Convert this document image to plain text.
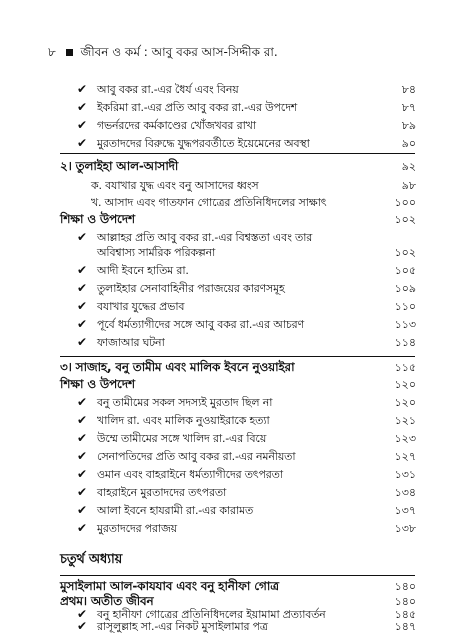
৮ জীবন ও কর্ম : আবু বকর আস-সিদ্দীক রা.
✔ আবু বকর রা.-এর ধৈর্য এবং বিনয়	৮৪
✔ ইকরিমা রা.-এর প্রতি আবু বকর রা.-এর উপদেশ	৮৭
✔ গভর্নরদের কর্মকাণ্ডের খোঁজখবর রাখা	৮৯
✔ মুরতাদদের বিরুদ্ধে যুদ্ধপরবর্তীতে ইয়েমেনের অবস্থা	৯০
২। তুলাইহা আল-আসাদী	৯২
ক. বযাখার যুদ্ধ এবং বনু আসাদের ধ্বংস	৯৮
খ. আসাদ এবং গাতফান গোত্রের প্রতিনিধিদলের সাক্ষাৎ	১০০
শিক্ষা ও উপদেশ	১০২
✔ আল্লাহর প্রতি আবু বকর রা.-এর বিশ্বস্ততা এবং তার
অবিশ্বাস্য সার্মরিক পরিকল্পনা	১০২
✔ আদী ইবনে হাতিম রা.	১০৫
✔ তুলাইহার সেনাবাহিনীর পরাজয়ের কারণসমূহ	১০৯
✔ বযাখার যুদ্ধের প্রভাব	১১০
✔ পূর্বে ধর্মত্যাগীদের সঙ্গে আবু বকর রা.-এর আচরণ	১১৩
✔ ফাজাআর ঘটনা	১১৪
৩। সাজাহ, বনু তামীম এবং মালিক ইবনে নুওয়াইরা	১১৫
শিক্ষা ও উপদেশ	১২০
✔ বনু তামীমের সকল সদস্যই মুরতাদ ছিল না	১২০
✔ খালিদ রা. এবং মালিক নুওয়াইরাকে হত্যা	১২১
✔ উম্মে তামীমের সঙ্গে খালিদ রা.-এর বিয়ে	১২৩
✔ সেনাপতিদের প্রতি আবু বকর রা.-এর নমনীয়তা	১২৭
✔ ওমান এবং বাহরাইনে ধর্মত্যাগীদের তৎপরতা	১৩১
✔ বাহরাইনে মুরতাদদের তৎপরতা	১৩৪
✔ আলা ইবনে হাযরামী রা.-এর কারামত	১৩৭
✔ মুরতাদদের পরাজয়	১৩৮
চতুর্থ অধ্যায়
মুসাইলামা আল-কাযযাব এবং বনু হানীফা গোত্র	১৪০
প্রথম। অতীত জীবন	১৪০
✔ বনু হানীফা গোত্রের প্রতিনিধিদলের ইয়ামামা প্রত্যাবর্তন	১৪৫
✔ রাসূলুল্লাহ সা.-এর নিকট মুসাইলামার পত্র	১৪৭
